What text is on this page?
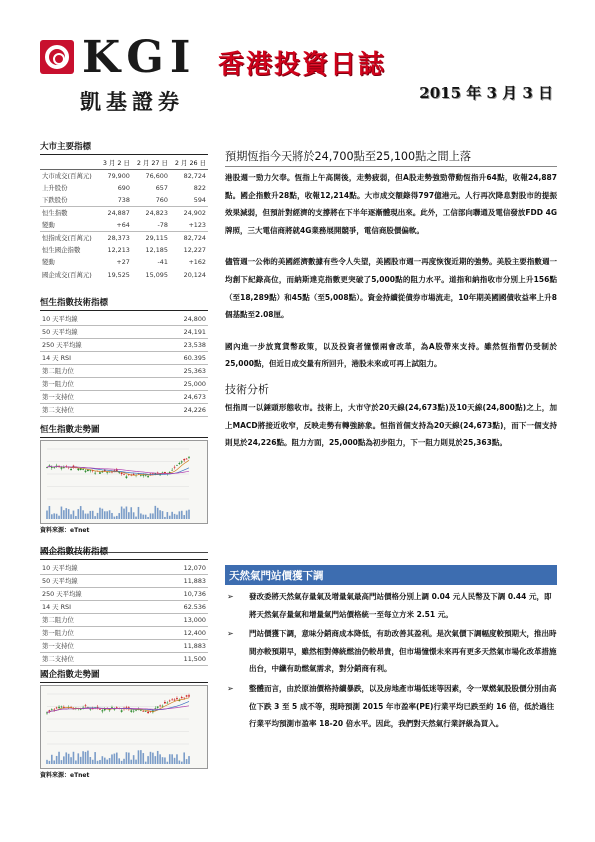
KGI
凱基證券
香港投資日誌
2015 年 3 月 3 日
大市主要指標
	3 月 2 日	2 月 27 日	2 月 26 日
大市成交(百萬元)	79,900	76,600	82,724
上升股份	690	657	822
下跌股份	738	760	594
恒生指數	24,887	24,823	24,902
變動	+64	-78	+123
恒指成交(百萬元)	28,373	29,115	82,724
恒生國企指數	12,213	12,185	12,227
變動	+27	-41	+162
國企成交(百萬元)	19,525	15,095	20,124
恒生指數技術指標
10 天平均線	24,800
50 天平均線	24,191
250 天平均線	23,538
14 天 RSI	60.395
第二阻力位	25,363
第一阻力位	25,000
第一支持位	24,673
第二支持位	24,226
恒生指數走勢圖
資料來源：eTnet
國企指數技術指標
10 天平均線	12,070
50 天平均線	11,883
250 天平均線	10,736
14 天 RSI	62.536
第二阻力位	13,000
第一阻力位	12,400
第一支持位	11,883
第二支持位	11,500
國企指數走勢圖
資料來源：eTnet
預期恆指今天將於24,700點至25,100點之間上落

港股週一勁力欠奉。恆指上午高開後，走勢疲弱，但A股走勢強勁帶動恆指升64點，收報24,887點。國企指數升28點，收報12,214點。大市成交額錄得797億港元。人行再次降息對股市的提振效果減弱，但預計對經濟的支撐將在下半年逐漸體現出來。此外，工信部向聯通及電信發放FDD 4G牌照，三大電信商將就4G業務展開競爭，電信商股價偏軟。

儘管週一公佈的美國經濟數據有些令人失望，美國股市週一再度恢復近期的強勢。美股主要指數週一均創下紀錄高位，而納斯達克指數更突破了5,000點的阻力水平。道指和納指收市分別上升156點（至18,289點）和45點（至5,008點）。資金持續從債券市場流走，10年期美國國債收益率上升8個基點至2.08厘。

國內進一步放寬貨幣政策，以及投資者憧憬兩會改革，為A股帶來支持。雖然恆指暫仍受制於25,000點，但近日成交量有所回升，港股未來或可再上試阻力。

技術分析

恒指周一以錘頭形態收市。技術上，大市守於20天線(24,673點)及10天線(24,800點)之上，加上MACD將接近收窄，反映走勢有轉強跡象。恒指首個支持為20天線(24,673點)，而下一個支持則見於24,226點。阻力方面，25,000點為初步阻力，下一阻力則見於25,363點。

天然氣門站價獲下調
➢ 發改委將天然氣存量氣及增量氣最高門站價格分別上調 0.04 元人民幣及下調 0.44 元，即將天然氣存量氣和增量氣門站價格統一至每立方米 2.51 元。
➢ 門站價獲下調，意味分銷商成本降低，有助改善其盈利。是次氣價下調幅度較預期大，推出時間亦較預期早，雖然相對傳統燃油仍較昂貴，但市場憧憬未來再有更多天然氣市場化改革措施出台，中纖有助燃氣需求，對分銷商有利。
➢ 整體而言，由於原油價格持續暴跌，以及房地產市場低迷等因素，令一眾燃氣股股價分別由高位下跌 3 至 5 成不等，現時預測 2015 年市盈率(PE)行業平均已跌至約 16 倍，低於過往行業平均預測市盈率 18-20 倍水平。因此，我們對天然氣行業評級為買入。
